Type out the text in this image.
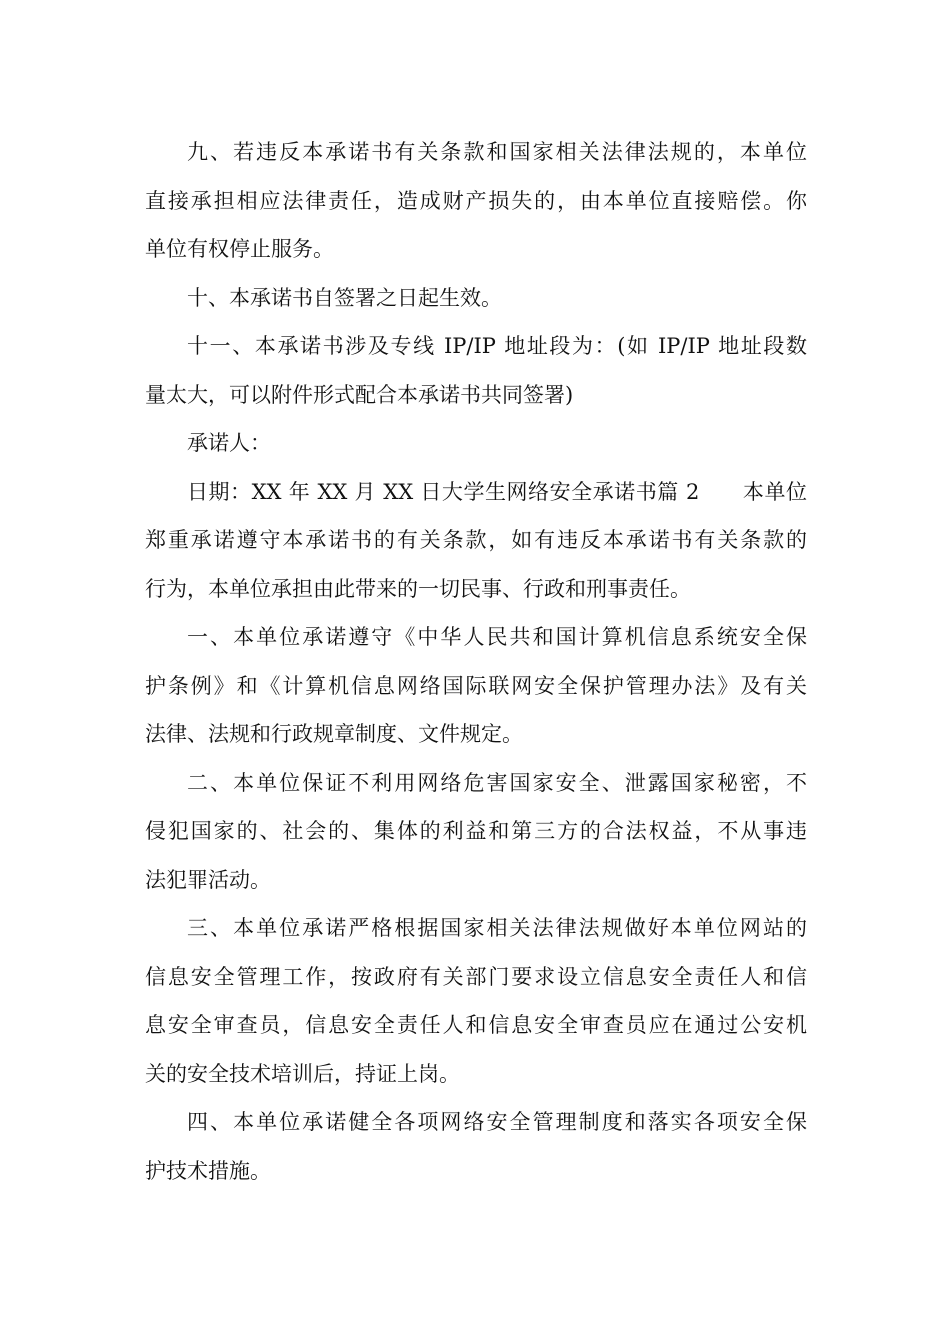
九、若违反本承诺书有关条款和国家相关法律法规的，本单位
直接承担相应法律责任，造成财产损失的，由本单位直接赔偿。你
单位有权停止服务。
十、本承诺书自签署之日起生效。
十一、本承诺书涉及专线 IP/IP 地址段为：(如 IP/IP 地址段数
量太大，可以附件形式配合本承诺书共同签署)
承诺人：
日期：XX 年 XX 月 XX 日大学生网络安全承诺书篇 2　　本单位
郑重承诺遵守本承诺书的有关条款，如有违反本承诺书有关条款的
行为，本单位承担由此带来的一切民事、行政和刑事责任。
一、本单位承诺遵守《中华人民共和国计算机信息系统安全保
护条例》和《计算机信息网络国际联网安全保护管理办法》及有关
法律、法规和行政规章制度、文件规定。
二、本单位保证不利用网络危害国家安全、泄露国家秘密，不
侵犯国家的、社会的、集体的利益和第三方的合法权益，不从事违
法犯罪活动。
三、本单位承诺严格根据国家相关法律法规做好本单位网站的
信息安全管理工作，按政府有关部门要求设立信息安全责任人和信
息安全审查员，信息安全责任人和信息安全审查员应在通过公安机
关的安全技术培训后，持证上岗。
四、本单位承诺健全各项网络安全管理制度和落实各项安全保
护技术措施。
